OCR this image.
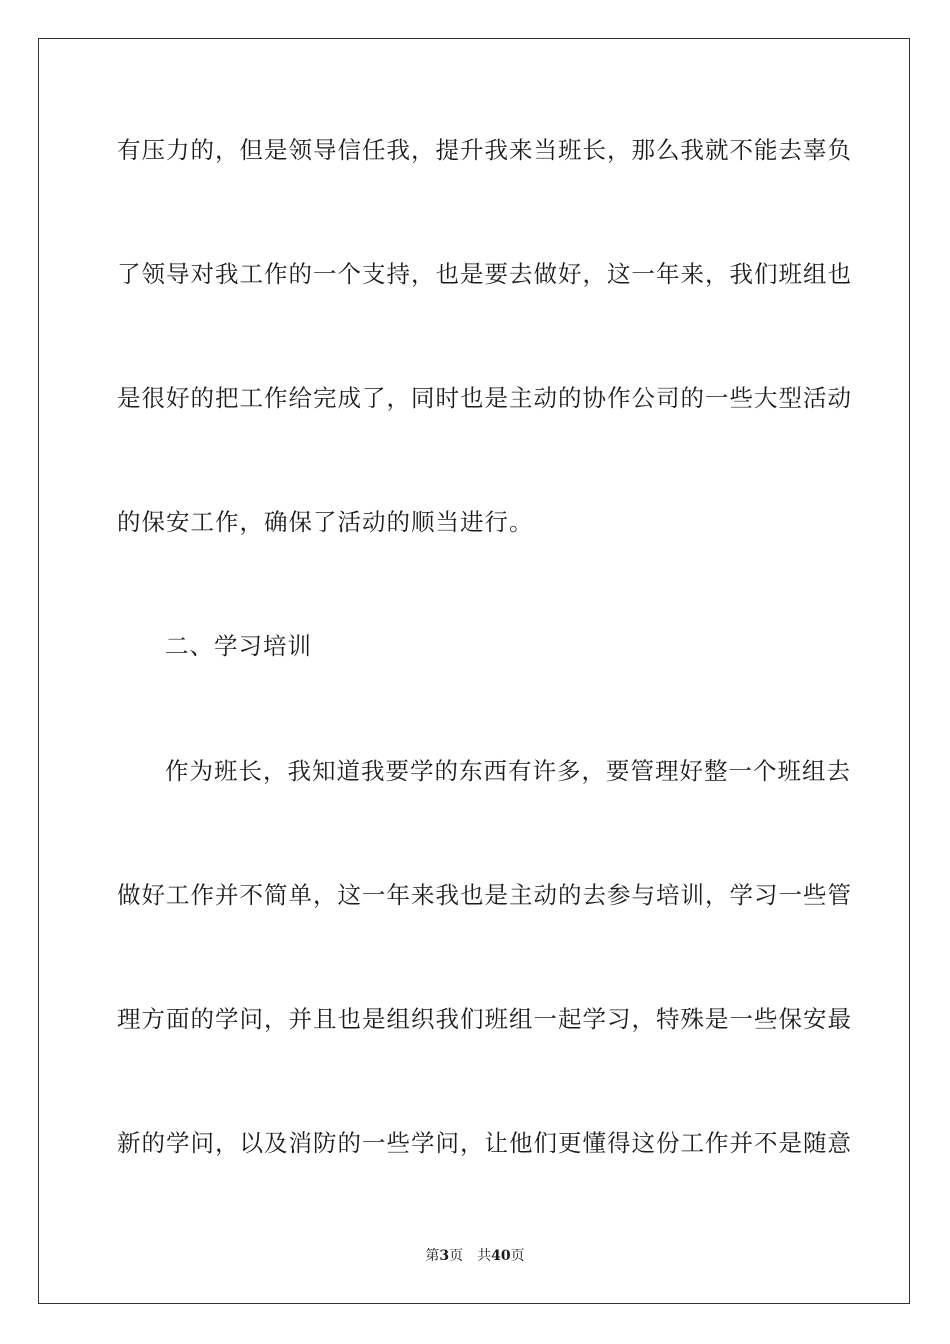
有压力的，但是领导信任我，提升我来当班长，那么我就不能去辜负
了领导对我工作的一个支持，也是要去做好，这一年来，我们班组也
是很好的把工作给完成了，同时也是主动的协作公司的一些大型活动
的保安工作，确保了活动的顺当进行。
二、学习培训
作为班长，我知道我要学的东西有许多，要管理好整一个班组去
做好工作并不简单，这一年来我也是主动的去参与培训，学习一些管
理方面的学问，并且也是组织我们班组一起学习，特殊是一些保安最
新的学问，以及消防的一些学问，让他们更懂得这份工作并不是随意
第3页 共40页
